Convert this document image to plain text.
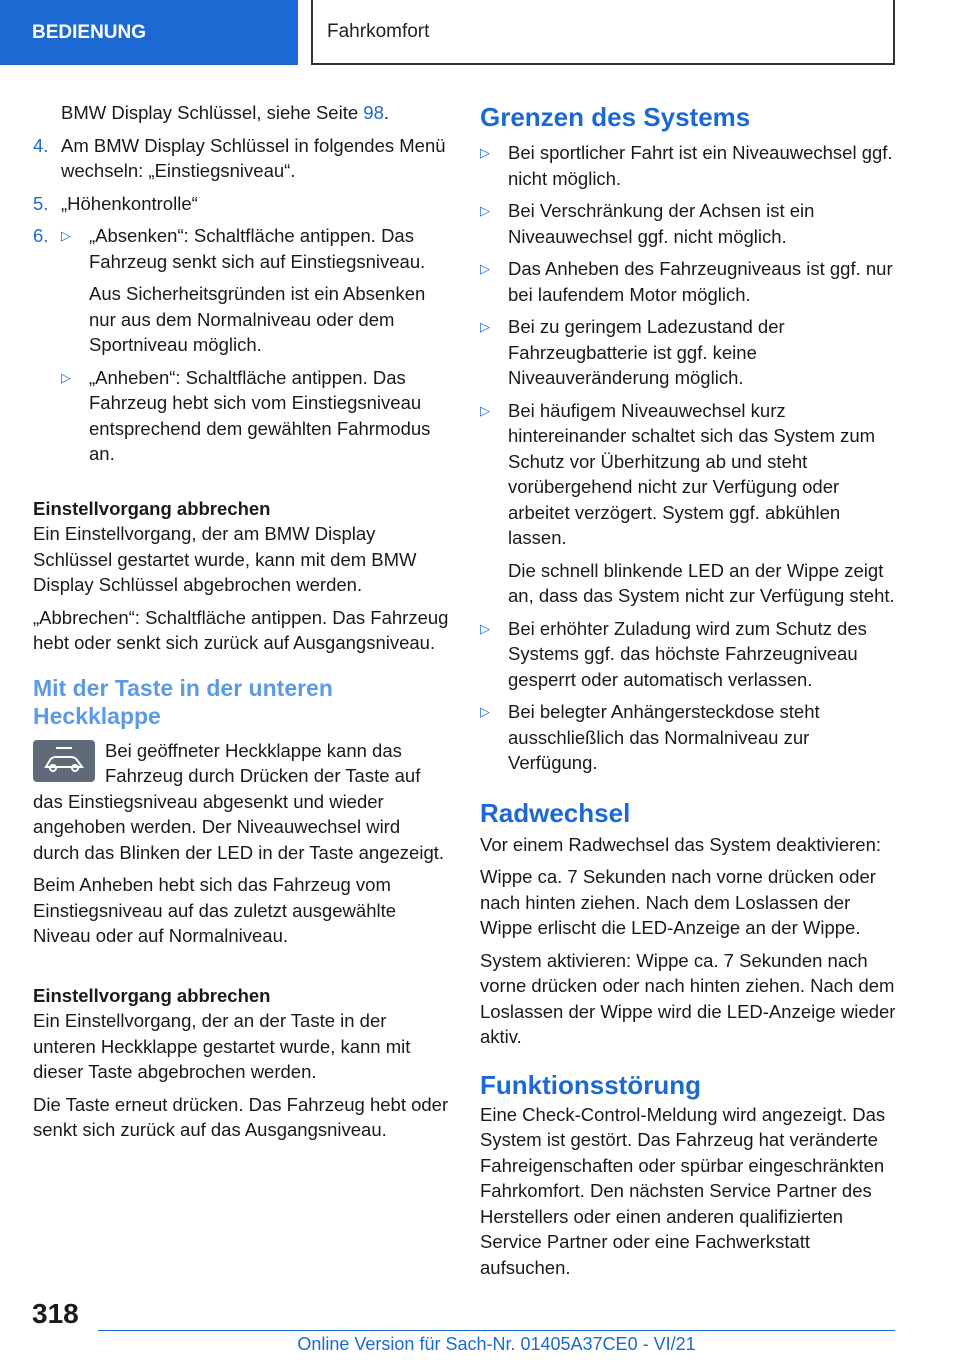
BEDIENUNG	Fahrkomfort
BMW Display Schlüssel, siehe Seite 98.
4. Am BMW Display Schlüssel in folgendes Menü wechseln: „Einstiegsniveau“.
5. „Höhenkontrolle“
6. ▷ „Absenken“: Schaltfläche antippen. Das Fahrzeug senkt sich auf Einstiegsniveau.
Aus Sicherheitsgründen ist ein Absenken nur aus dem Normalniveau oder dem Sportniveau möglich.
▷ „Anheben“: Schaltfläche antippen. Das Fahrzeug hebt sich vom Einstiegsniveau entsprechend dem gewählten Fahrmodus an.

Einstellvorgang abbrechen

Ein Einstellvorgang, der am BMW Display Schlüssel gestartet wurde, kann mit dem BMW Display Schlüssel abgebrochen werden.

„Abbrechen“: Schaltfläche antippen. Das Fahrzeug hebt oder senkt sich zurück auf Ausgangsniveau.

Mit der Taste in der unteren Heckklappe

Bei geöffneter Heckklappe kann das Fahrzeug durch Drücken der Taste auf das Einstiegsniveau abgesenkt und wieder angehoben werden. Der Niveauwechsel wird durch das Blinken der LED in der Taste angezeigt.

Beim Anheben hebt sich das Fahrzeug vom Einstiegsniveau auf das zuletzt ausgewählte Niveau oder auf Normalniveau.

Einstellvorgang abbrechen

Ein Einstellvorgang, der an der Taste in der unteren Heckklappe gestartet wurde, kann mit dieser Taste abgebrochen werden.

Die Taste erneut drücken. Das Fahrzeug hebt oder senkt sich zurück auf das Ausgangsniveau.

Grenzen des Systems
▷ Bei sportlicher Fahrt ist ein Niveauwechsel ggf. nicht möglich.
▷ Bei Verschränkung der Achsen ist ein Niveauwechsel ggf. nicht möglich.
▷ Das Anheben des Fahrzeugniveaus ist ggf. nur bei laufendem Motor möglich.
▷ Bei zu geringem Ladezustand der Fahrzeugbatterie ist ggf. keine Niveauveränderung möglich.
▷ Bei häufigem Niveauwechsel kurz hintereinander schaltet sich das System zum Schutz vor Überhitzung ab und steht vorübergehend nicht zur Verfügung oder arbeitet verzögert. System ggf. abkühlen lassen.
Die schnell blinkende LED an der Wippe zeigt an, dass das System nicht zur Verfügung steht.
▷ Bei erhöhter Zuladung wird zum Schutz des Systems ggf. das höchste Fahrzeugniveau gesperrt oder automatisch verlassen.
▷ Bei belegter Anhängersteckdose steht ausschließlich das Normalniveau zur Verfügung.
Radwechsel

Vor einem Radwechsel das System deaktivieren:

Wippe ca. 7 Sekunden nach vorne drücken oder nach hinten ziehen. Nach dem Loslassen der Wippe erlischt die LED-Anzeige an der Wippe.

System aktivieren: Wippe ca. 7 Sekunden nach vorne drücken oder nach hinten ziehen. Nach dem Loslassen der Wippe wird die LED-Anzeige wieder aktiv.

Funktionsstörung

Eine Check-Control-Meldung wird angezeigt. Das System ist gestört. Das Fahrzeug hat veränderte Fahreigenschaften oder spürbar eingeschränkten Fahrkomfort. Den nächsten Service Partner des Herstellers oder einen anderen qualifizierten Service Partner oder eine Fachwerkstatt aufsuchen.

318
Online Version für Sach-Nr. 01405A37CE0 - VI/21
